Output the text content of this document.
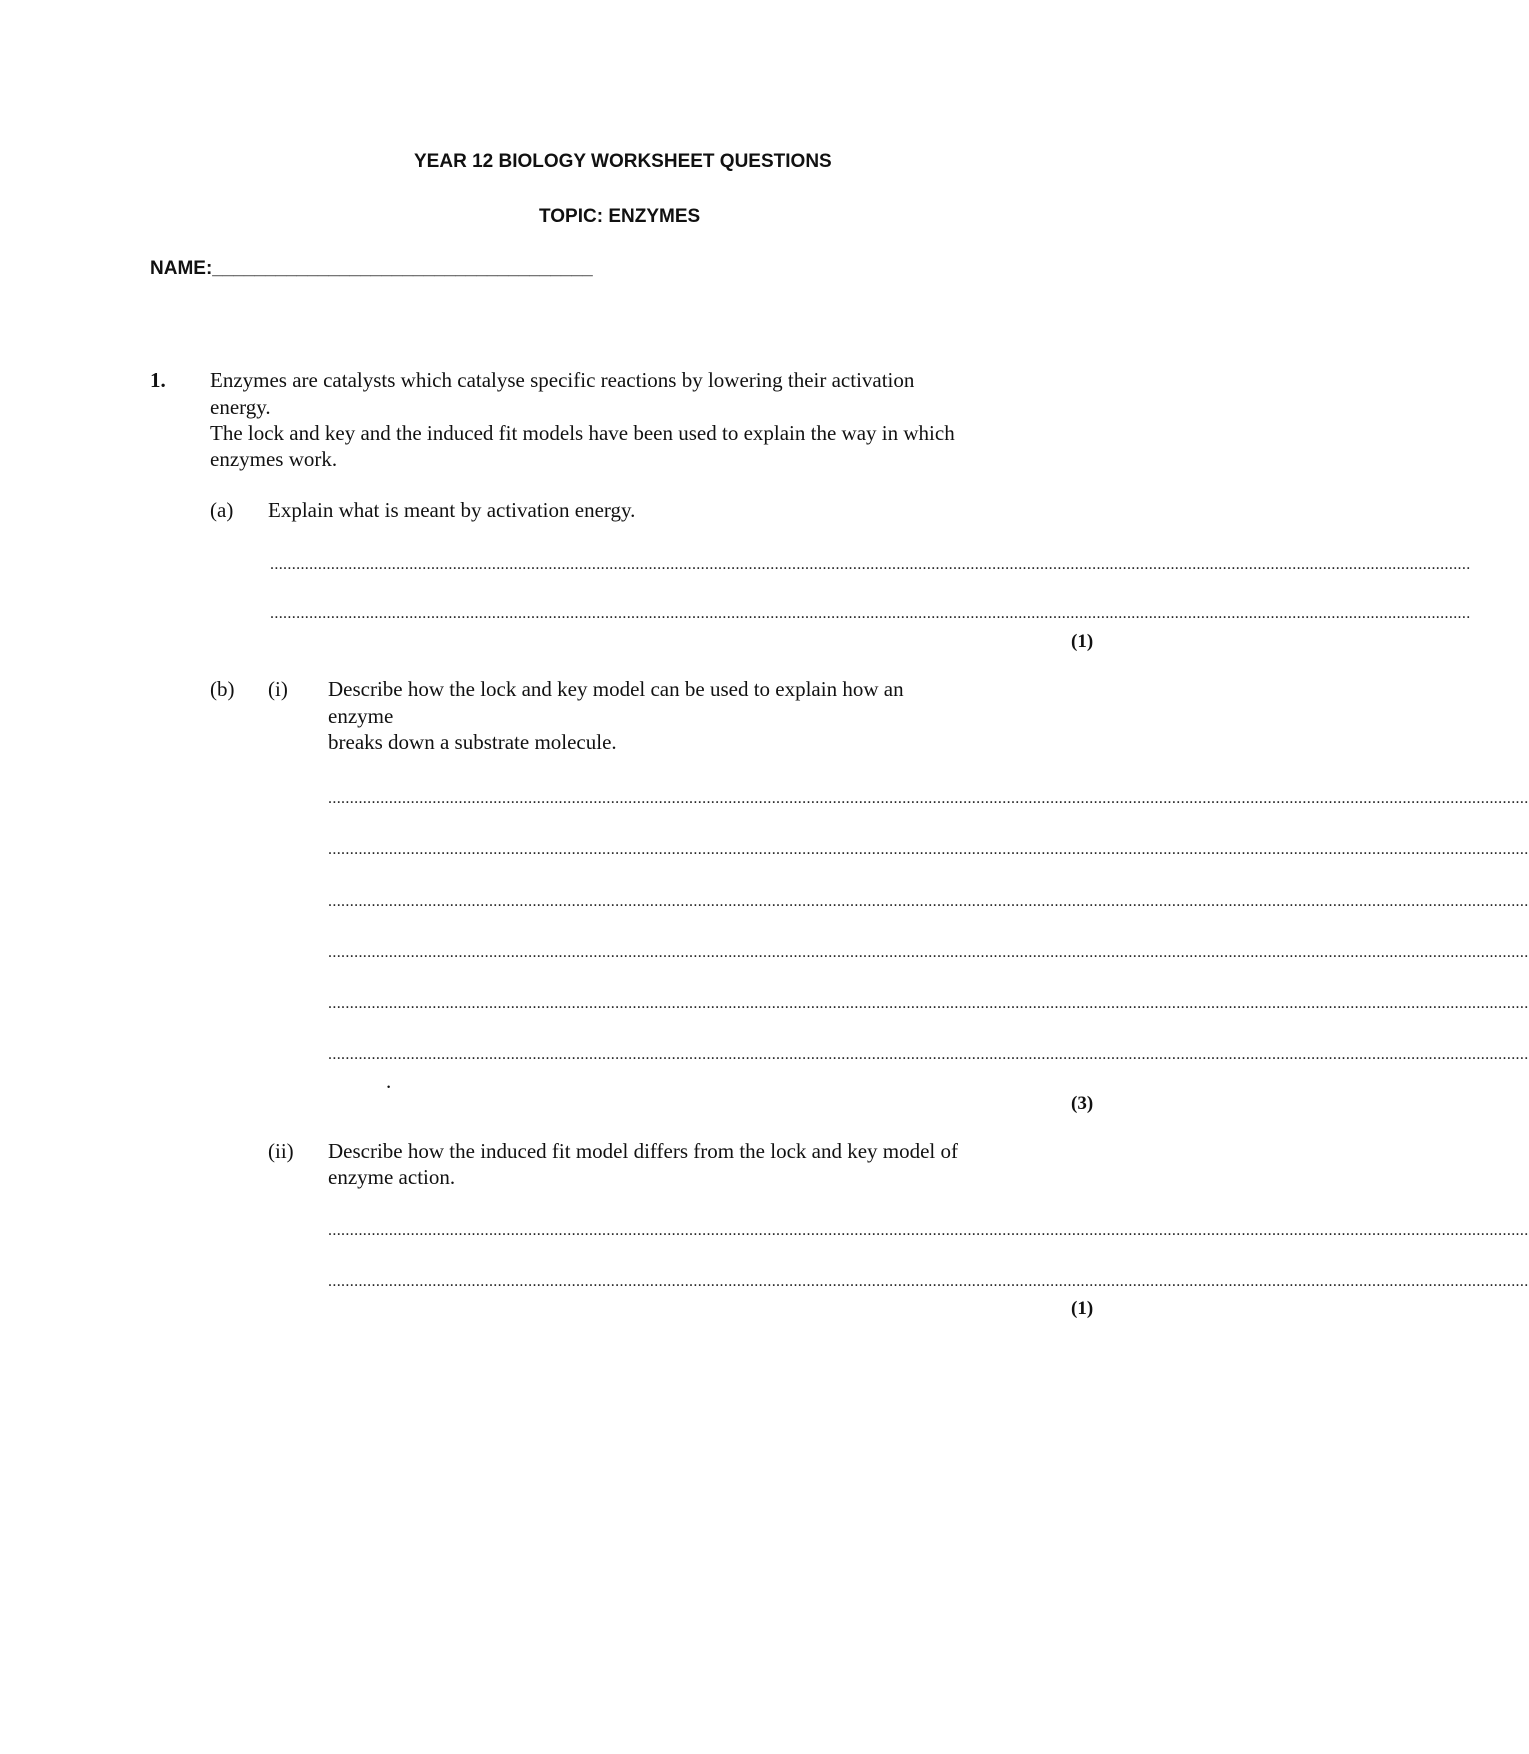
YEAR 12 BIOLOGY WORKSHEET QUESTIONS
TOPIC: ENZYMES
NAME:____________________________________
1. Enzymes are catalysts which catalyse specific reactions by lowering their activation
energy.
The lock and key and the induced fit models have been used to explain the way in which
enzymes work.
(a) Explain what is meant by activation energy.
....................................................................................................................................................................................................................................................................................
....................................................................................................................................................................................................................................................................................
(1)
(b) (i) Describe how the lock and key model can be used to explain how an
enzyme
breaks down a substrate molecule.
....................................................................................................................................................................................................................................................................................
....................................................................................................................................................................................................................................................................................
....................................................................................................................................................................................................................................................................................
....................................................................................................................................................................................................................................................................................
....................................................................................................................................................................................................................................................................................
....................................................................................................................................................................................................................................................................................
.
(3)
(ii) Describe how the induced fit model differs from the lock and key model of
enzyme action.
....................................................................................................................................................................................................................................................................................
....................................................................................................................................................................................................................................................................................
(1)
